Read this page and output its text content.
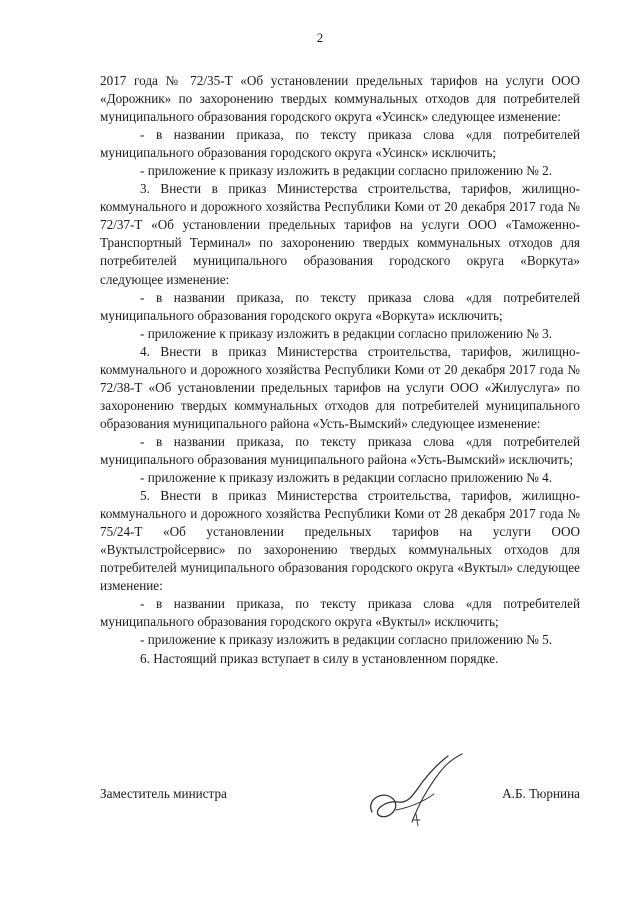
2

2017 года № 72/35-Т «Об установлении предельных тарифов на услуги ООО «Дорожник» по захоронению твердых коммунальных отходов для потребителей муниципального образования городского округа «Усинск» следующее изменение:

- в названии приказа, по тексту приказа слова «для потребителей муниципального образования городского округа «Усинск» исключить;

- приложение к приказу изложить в редакции согласно приложению № 2.

3. Внести в приказ Министерства строительства, тарифов, жилищно-коммунального и дорожного хозяйства Республики Коми от 20 декабря 2017 года № 72/37-Т «Об установлении предельных тарифов на услуги ООО «Таможенно-Транспортный Терминал» по захоронению твердых коммунальных отходов для потребителей муниципального образования городского округа «Воркута» следующее изменение:

- в названии приказа, по тексту приказа слова «для потребителей муниципального образования городского округа «Воркута» исключить;

- приложение к приказу изложить в редакции согласно приложению № 3.

4. Внести в приказ Министерства строительства, тарифов, жилищно-коммунального и дорожного хозяйства Республики Коми от 20 декабря 2017 года № 72/38-Т «Об установлении предельных тарифов на услуги ООО «Жилуслуга» по захоронению твердых коммунальных отходов для потребителей муниципального образования муниципального района «Усть-Вымский» следующее изменение:

- в названии приказа, по тексту приказа слова «для потребителей муниципального образования муниципального района «Усть-Вымский» исключить;

- приложение к приказу изложить в редакции согласно приложению № 4.

5. Внести в приказ Министерства строительства, тарифов, жилищно-коммунального и дорожного хозяйства Республики Коми от 28 декабря 2017 года № 75/24-Т «Об установлении предельных тарифов на услуги ООО «Вуктылстройсервис» по захоронению твердых коммунальных отходов для потребителей муниципального образования городского округа «Вуктыл» следующее изменение:

- в названии приказа, по тексту приказа слова «для потребителей муниципального образования городского округа «Вуктыл» исключить;

- приложение к приказу изложить в редакции согласно приложению № 5.

6. Настоящий приказ вступает в силу в установленном порядке.

Заместитель министра	А.Б. Тюрнина
